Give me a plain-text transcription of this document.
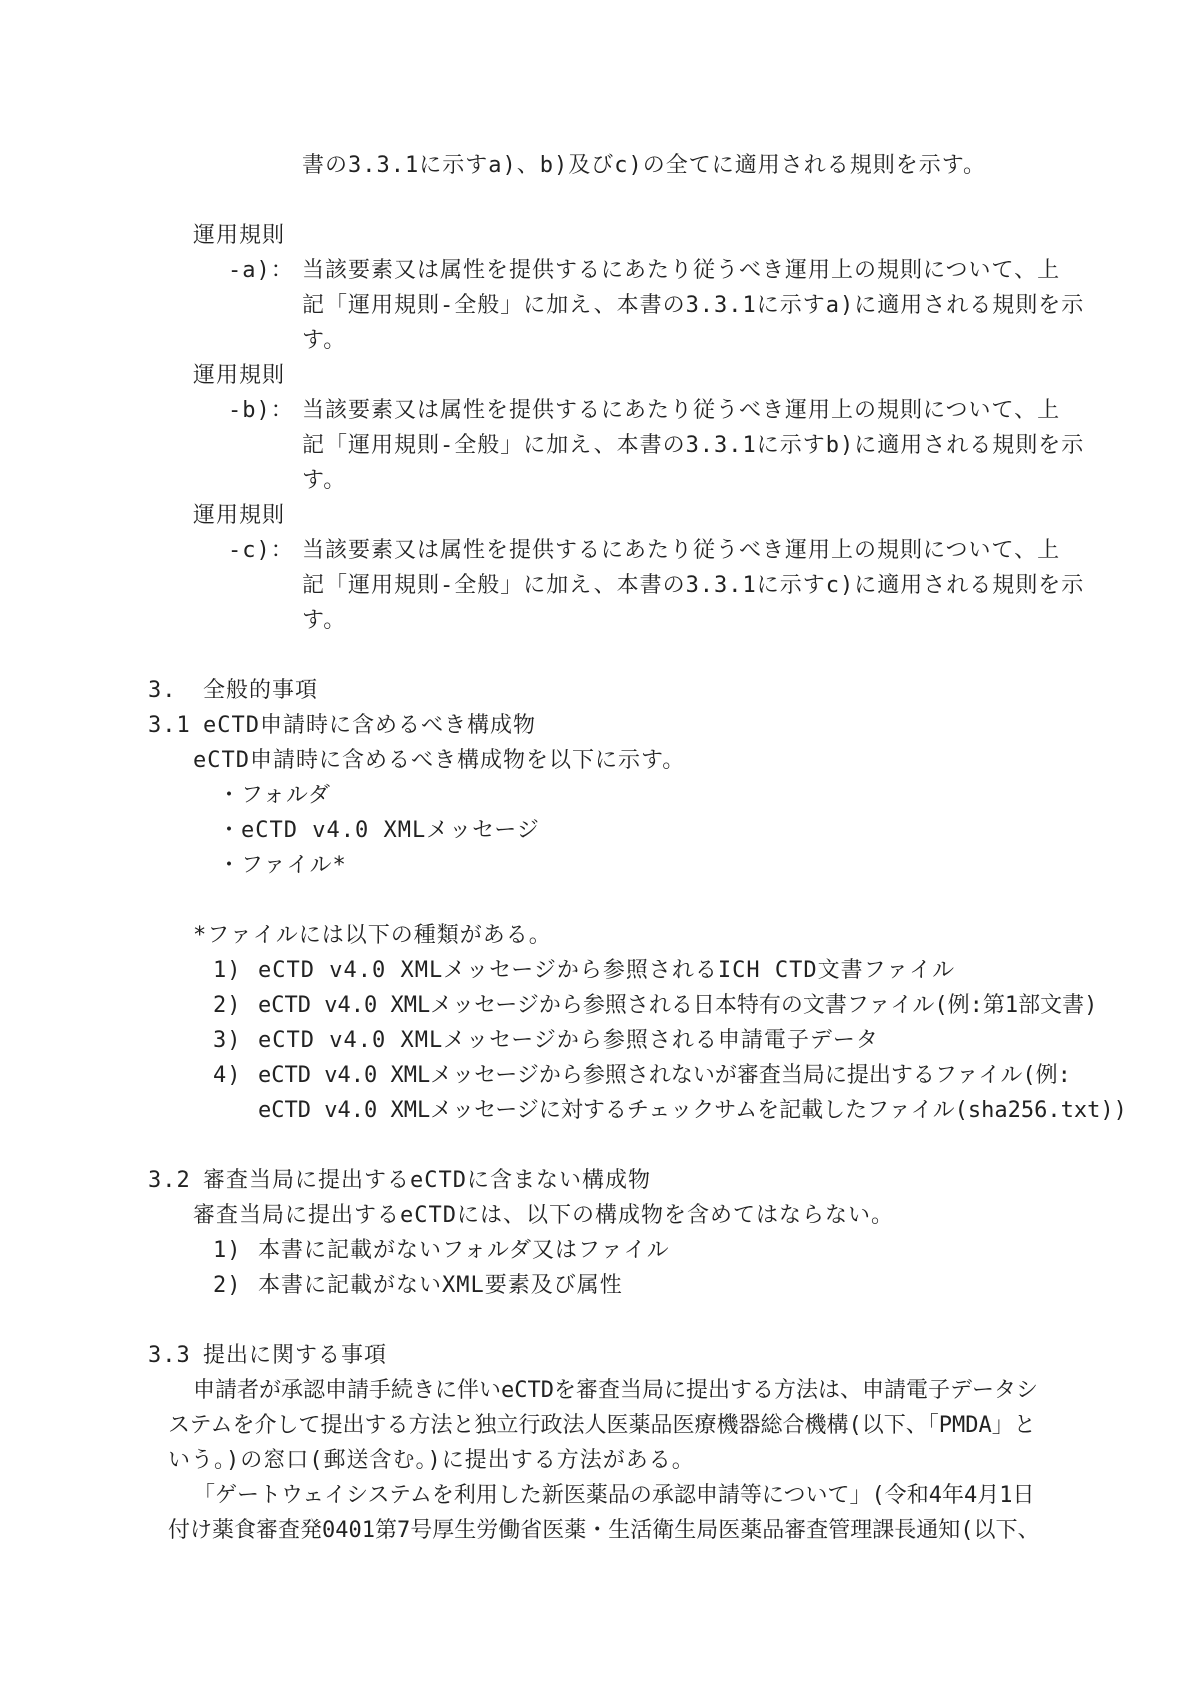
書の3.3.1に示すa)、b)及びc)の全てに適用される規則を示す。
運用規則
-a)： 当該要素又は属性を提供するにあたり従うべき運用上の規則について、上
記「運用規則-全般」に加え、本書の3.3.1に示すa)に適用される規則を示
す。
運用規則
-b)： 当該要素又は属性を提供するにあたり従うべき運用上の規則について、上
記「運用規則-全般」に加え、本書の3.3.1に示すb)に適用される規則を示
す。
運用規則
-c)： 当該要素又は属性を提供するにあたり従うべき運用上の規則について、上
記「運用規則-全般」に加え、本書の3.3.1に示すc)に適用される規則を示
す。
3. 全般的事項
3.1 eCTD申請時に含めるべき構成物
eCTD申請時に含めるべき構成物を以下に示す。
・フォルダ
・eCTD v4.0 XMLメッセージ
・ファイル*
*ファイルには以下の種類がある。
1) eCTD v4.0 XMLメッセージから参照されるICH CTD文書ファイル
2) eCTD v4.0 XMLメッセージから参照される日本特有の文書ファイル(例:第1部文書)
3) eCTD v4.0 XMLメッセージから参照される申請電子データ
4) eCTD v4.0 XMLメッセージから参照されないが審査当局に提出するファイル(例:
eCTD v4.0 XMLメッセージに対するチェックサムを記載したファイル(sha256.txt))
3.2 審査当局に提出するeCTDに含まない構成物
審査当局に提出するeCTDには、以下の構成物を含めてはならない。
1) 本書に記載がないフォルダ又はファイル
2) 本書に記載がないXML要素及び属性
3.3 提出に関する事項
申請者が承認申請手続きに伴いeCTDを審査当局に提出する方法は、申請電子データシ
ステムを介して提出する方法と独立行政法人医薬品医療機器総合機構(以下、「PMDA」と
いう。)の窓口(郵送含む。)に提出する方法がある。
「ゲートウェイシステムを利用した新医薬品の承認申請等について」(令和4年4月1日
付け薬食審査発0401第7号厚生労働省医薬・生活衛生局医薬品審査管理課長通知(以下、
